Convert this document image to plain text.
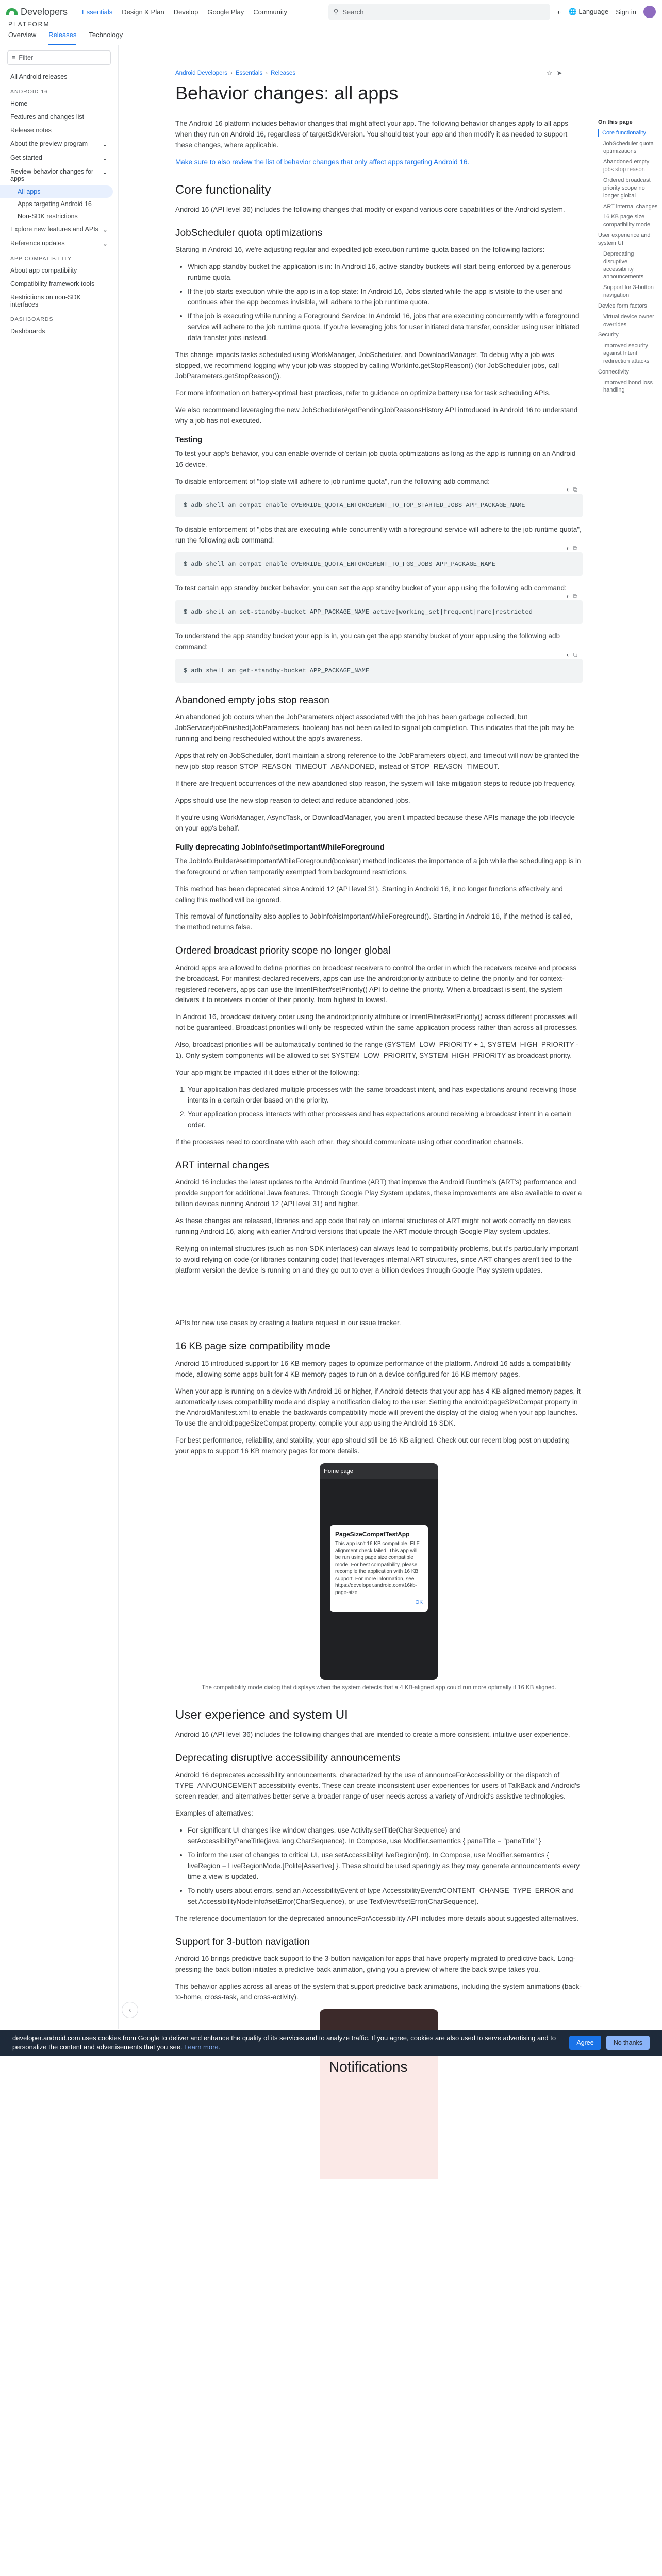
Developers Essentials Design & Plan Develop Google Play Community	⚲ Search	◐ 🌐 Language Sign in
PLATFORM
Overview Releases Technology
≡ Filter
All Android releases
ANDROID 16
Home
Features and changes list
Release notes
About the preview program ⌄
Get started	⌄
Review behavior changes for apps
⌄
All apps
Apps targeting Android 16
Non-SDK restrictions
Explore new features and APIs ⌄
Reference updates	⌄
APP COMPATIBILITY
About app compatibility
Compatibility framework tools
Restrictions on non-SDK interfaces
DASHBOARDS
Dashboards
Android Developers › Essentials › Releases	☆ ➤
Behavior changes: all apps

The Android 16 platform includes behavior changes that might affect your app. The following behavior changes apply to all apps when they run on Android 16, regardless of targetSdkVersion. You should test your app and then modify it as needed to support these changes, where applicable.

Make sure to also review the list of behavior changes that only affect apps targeting Android 16.

Core functionality

Android 16 (API level 36) includes the following changes that modify or expand various core capabilities of the Android system.

JobScheduler quota optimizations

Starting in Android 16, we're adjusting regular and expedited job execution runtime quota based on the following factors:

• Which app standby bucket the application is in: In Android 16, active standby buckets will start being enforced by a generous runtime quota.
• If the job starts execution while the app is in a top state: In Android 16, Jobs started while the app is visible to the user and continues after the app becomes invisible, will adhere to the job runtime quota.
• If the job is executing while running a Foreground Service: In Android 16, jobs that are executing concurrently with a foreground service will adhere to the job runtime quota. If you're leveraging jobs for user initiated data transfer, consider using user initiated data transfer jobs instead.

This change impacts tasks scheduled using WorkManager, JobScheduler, and DownloadManager. To debug why a job was stopped, we recommend logging why your job was stopped by calling WorkInfo.getStopReason() (for JobScheduler jobs, call JobParameters.getStopReason()).

For more information on battery-optimal best practices, refer to guidance on optimize battery use for task scheduling APIs.

We also recommend leveraging the new JobScheduler#getPendingJobReasonsHistory API introduced in Android 16 to understand why a job has not executed.

Testing

To test your app's behavior, you can enable override of certain job quota optimizations as long as the app is running on an Android 16 device.

To disable enforcement of "top state will adhere to job runtime quota", run the following adb command:

◐ ⧉
$ adb shell am compat enable OVERRIDE_QUOTA_ENFORCEMENT_TO_TOP_STARTED_JOBS APP_PACKAGE_NAME

To disable enforcement of "jobs that are executing while concurrently with a foreground service will adhere to the job runtime quota", run the following adb command:

◐ ⧉
$ adb shell am compat enable OVERRIDE_QUOTA_ENFORCEMENT_TO_FGS_JOBS APP_PACKAGE_NAME

To test certain app standby bucket behavior, you can set the app standby bucket of your app using the following adb command:

◐ ⧉
$ adb shell am set-standby-bucket APP_PACKAGE_NAME active|working_set|frequent|rare|restricted

To understand the app standby bucket your app is in, you can get the app standby bucket of your app using the following adb command:

◐ ⧉
$ adb shell am get-standby-bucket APP_PACKAGE_NAME
Abandoned empty jobs stop reason

An abandoned job occurs when the JobParameters object associated with the job has been garbage collected, but JobService#jobFinished(JobParameters, boolean) has not been called to signal job completion. This indicates that the job may be running and being rescheduled without the app's awareness.

Apps that rely on JobScheduler, don't maintain a strong reference to the JobParameters object, and timeout will now be granted the new job stop reason STOP_REASON_TIMEOUT_ABANDONED, instead of STOP_REASON_TIMEOUT.

If there are frequent occurrences of the new abandoned stop reason, the system will take mitigation steps to reduce job frequency.

Apps should use the new stop reason to detect and reduce abandoned jobs.

If you're using WorkManager, AsyncTask, or DownloadManager, you aren't impacted because these APIs manage the job lifecycle on your app's behalf.

Fully deprecating JobInfo#setImportantWhileForeground

The JobInfo.Builder#setImportantWhileForeground(boolean) method indicates the importance of a job while the scheduling app is in the foreground or when temporarily exempted from background restrictions.

This method has been deprecated since Android 12 (API level 31). Starting in Android 16, it no longer functions effectively and calling this method will be ignored.

This removal of functionality also applies to JobInfo#isImportantWhileForeground(). Starting in Android 16, if the method is called, the method returns false.

Ordered broadcast priority scope no longer global

Android apps are allowed to define priorities on broadcast receivers to control the order in which the receivers receive and process the broadcast. For manifest-declared receivers, apps can use the android:priority attribute to define the priority and for context-registered receivers, apps can use the IntentFilter#setPriority() API to define the priority. When a broadcast is sent, the system delivers it to receivers in order of their priority, from highest to lowest.

In Android 16, broadcast delivery order using the android:priority attribute or IntentFilter#setPriority() across different processes will not be guaranteed. Broadcast priorities will only be respected within the same application process rather than across all processes.

Also, broadcast priorities will be automatically confined to the range (SYSTEM_LOW_PRIORITY + 1, SYSTEM_HIGH_PRIORITY - 1). Only system components will be allowed to set SYSTEM_LOW_PRIORITY, SYSTEM_HIGH_PRIORITY as broadcast priority.

Your app might be impacted if it does either of the following:

1. Your application has declared multiple processes with the same broadcast intent, and has expectations around receiving those intents in a certain order based on the priority.
2. Your application process interacts with other processes and has expectations around receiving a broadcast intent in a certain order.

If the processes need to coordinate with each other, they should communicate using other coordination channels.

ART internal changes

Android 16 includes the latest updates to the Android Runtime (ART) that improve the Android Runtime's (ART's) performance and provide support for additional Java features. Through Google Play System updates, these improvements are also available to over a billion devices running Android 12 (API level 31) and higher.

As these changes are released, libraries and app code that rely on internal structures of ART might not work correctly on devices running Android 16, along with earlier Android versions that update the ART module through Google Play system updates.

Relying on internal structures (such as non-SDK interfaces) can always lead to compatibility problems, but it's particularly important to avoid relying on code (or libraries containing code) that leverages internal ART structures, since ART changes aren't tied to the platform version the device is running on and they go out to over a billion devices through Google Play system updates.

APIs for new use cases by creating a feature request in our issue tracker.

16 KB page size compatibility mode

Android 15 introduced support for 16 KB memory pages to optimize performance of the platform. Android 16 adds a compatibility mode, allowing some apps built for 4 KB memory pages to run on a device configured for 16 KB memory pages.

When your app is running on a device with Android 16 or higher, if Android detects that your app has 4 KB aligned memory pages, it automatically uses compatibility mode and display a notification dialog to the user. Setting the android:pageSizeCompat property in the AndroidManifest.xml to enable the backwards compatibility mode will prevent the display of the dialog when your app launches. To use the android:pageSizeCompat property, compile your app using the Android 16 SDK.

For best performance, reliability, and stability, your app should still be 16 KB aligned. Check out our recent blog post on updating your apps to support 16 KB memory pages for more details.

Home page
PageSizeCompatTestApp
This app isn't 16 KB compatible. ELF alignment check failed. This app will be run using page size compatible mode. For best compatibility, please recompile the application with 16 KB support. For more information, see https://developer.android.com/16kb-page-size
OK

The compatibility mode dialog that displays when the system detects that a 4 KB-aligned app could run more optimally if 16 KB aligned.

User experience and system UI

Android 16 (API level 36) includes the following changes that are intended to create a more consistent, intuitive user experience.

Deprecating disruptive accessibility announcements

Android 16 deprecates accessibility announcements, characterized by the use of announceForAccessibility or the dispatch of TYPE_ANNOUNCEMENT accessibility events. These can create inconsistent user experiences for users of TalkBack and Android's screen reader, and alternatives better serve a broader range of user needs across a variety of Android's assistive technologies.

Examples of alternatives:

• For significant UI changes like window changes, use Activity.setTitle(CharSequence) and setAccessibilityPaneTitle(java.lang.CharSequence). In Compose, use Modifier.semantics { paneTitle = "paneTitle" }
• To inform the user of changes to critical UI, use setAccessibilityLiveRegion(int). In Compose, use Modifier.semantics { liveRegion = LiveRegionMode.[Polite|Assertive] }. These should be used sparingly as they may generate announcements every time a view is updated.
• To notify users about errors, send an AccessibilityEvent of type AccessibilityEvent#CONTENT_CHANGE_TYPE_ERROR and set AccessibilityNodeInfo#setError(CharSequence), or use TextView#setError(CharSequence).

The reference documentation for the deprecated announceForAccessibility API includes more details about suggested alternatives.

Support for 3-button navigation

Android 16 brings predictive back support to the 3-button navigation for apps that have properly migrated to predictive back. Long-pressing the back button initiates a predictive back animation, giving you a preview of where the back swipe takes you.

This behavior applies across all areas of the system that support predictive back animations, including the system animations (back-to-home, cross-task, and cross-activity).

Notifications
On this page
Core functionality
JobScheduler quota optimizations
Abandoned empty jobs stop reason
Ordered broadcast priority scope no longer global
ART internal changes
16 KB page size compatibility mode
User experience and system UI
Deprecating disruptive accessibility announcements
Support for 3-button navigation
Device form factors
Virtual device owner overrides
Security
Improved security against Intent redirection attacks
Connectivity
Improved bond loss handling
‹
developer.android.com uses cookies from Google to deliver and enhance the quality of its services and to analyze traffic. If you agree, cookies are also used to serve advertising and to personalize the content and advertisements that you see. Learn more.
Agree	No thanks
